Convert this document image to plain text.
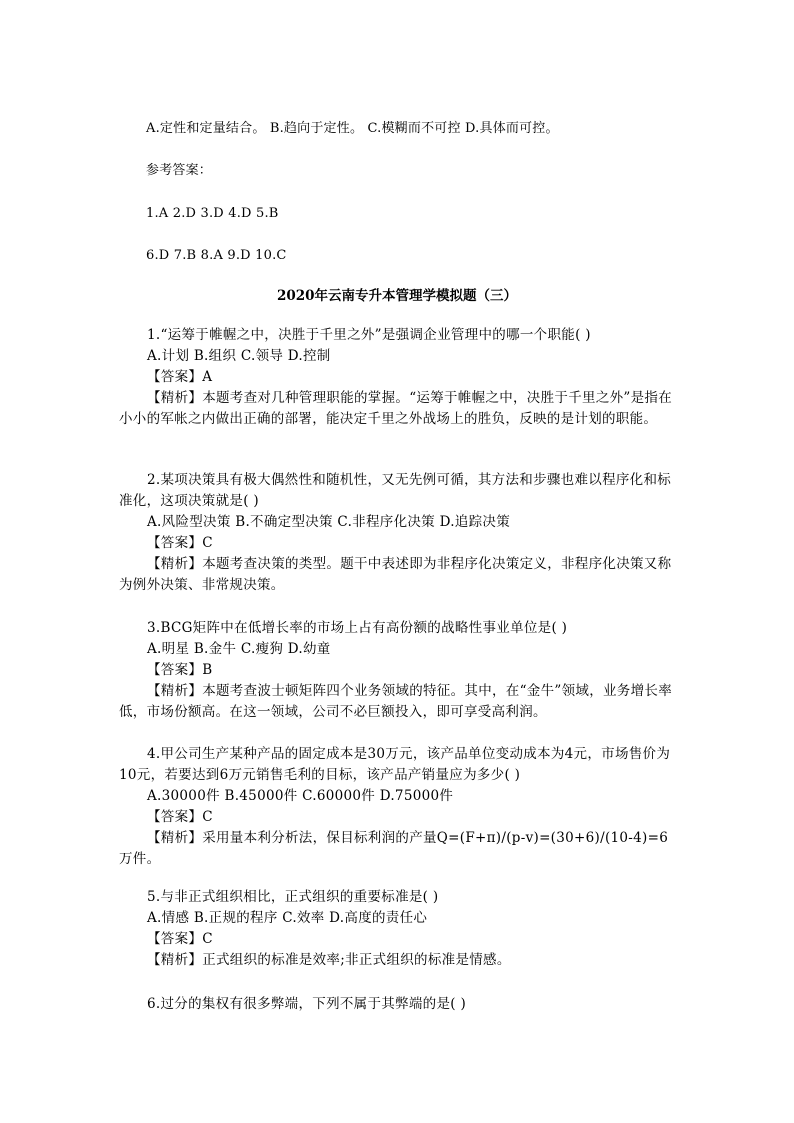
A.定性和定量结合。 B.趋向于定性。 C.模糊而不可控 D.具体而可控。
参考答案：
1.A 2.D 3.D 4.D 5.B
6.D 7.B 8.A 9.D 10.C
2020年云南专升本管理学模拟题（三）

1.“运筹于帷幄之中，决胜于千里之外”是强调企业管理中的哪一个职能( )

A.计划 B.组织 C.领导 D.控制

【答案】A

【精析】本题考查对几种管理职能的掌握。“运筹于帷幄之中，决胜于千里之外”是指在小小的军帐之内做出正确的部署，能决定千里之外战场上的胜负，反映的是计划的职能。

2.某项决策具有极大偶然性和随机性，又无先例可循，其方法和步骤也难以程序化和标准化，这项决策就是( )

A.风险型决策 B.不确定型决策 C.非程序化决策 D.追踪决策

【答案】C

【精析】本题考查决策的类型。题干中表述即为非程序化决策定义，非程序化决策又称为例外决策、非常规决策。

3.BCG矩阵中在低增长率的市场上占有高份额的战略性事业单位是( )

A.明星 B.金牛 C.瘦狗 D.幼童

【答案】B

【精析】本题考查波士顿矩阵四个业务领域的特征。其中，在“金牛”领域，业务增长率低，市场份额高。在这一领域，公司不必巨额投入，即可享受高利润。

4.甲公司生产某种产品的固定成本是30万元，该产品单位变动成本为4元，市场售价为10元，若要达到6万元销售毛利的目标，该产品产销量应为多少( )

A.30000件 B.45000件 C.60000件 D.75000件

【答案】C

【精析】采用量本利分析法，保目标利润的产量Q=(F+π)/(p-v)=(30+6)/(10-4)=6万件。

5.与非正式组织相比，正式组织的重要标准是( )

A.情感 B.正规的程序 C.效率 D.高度的责任心

【答案】C

【精析】正式组织的标准是效率;非正式组织的标准是情感。

6.过分的集权有很多弊端，下列不属于其弊端的是( )
